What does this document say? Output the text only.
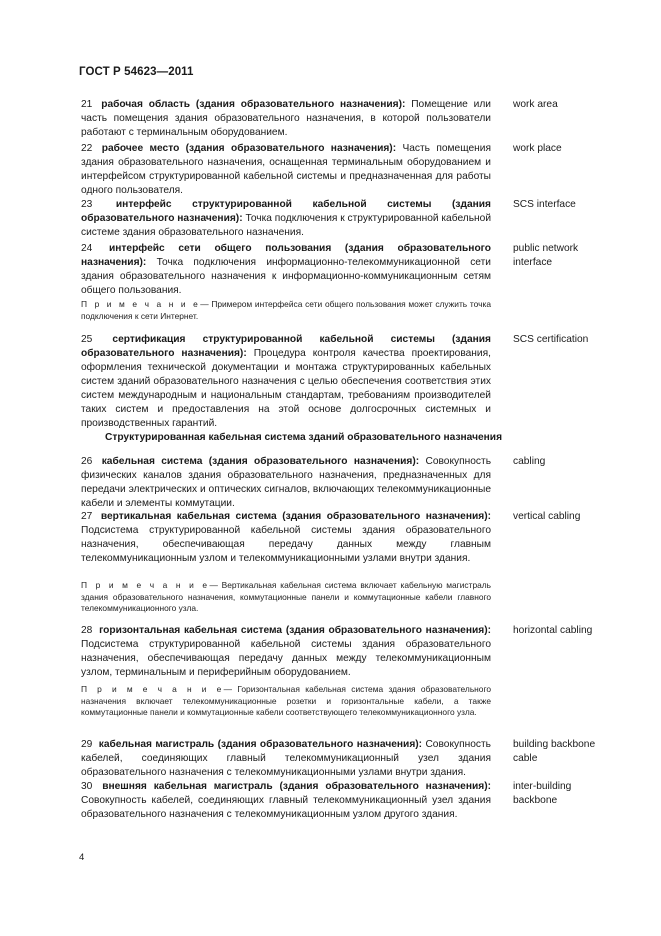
ГОСТ Р 54623—2011
21 рабочая область (здания образовательного назначения): Помещение или часть помещения здания образовательного назначения, в которой пользователи работают с терминальным оборудованием.
work area
22 рабочее место (здания образовательного назначения): Часть помещения здания образовательного назначения, оснащенная терминальным оборудованием и интерфейсом структурированной кабельной системы и предназначенная для работы одного пользователя.
work place
23 интерфейс структурированной кабельной системы (здания образовательного назначения): Точка подключения к структурированной кабельной системе здания образовательного назначения.
SCS interface
24 интерфейс сети общего пользования (здания образовательного назначения): Точка подключения информационно-телекоммуникационной сети здания образовательного назначения к информационно-коммуникационным сетям общего пользования.
public network interface
П р и м е ч а н и е— Примером интерфейса сети общего пользования может служить точка подключения к сети Интернет.
25 сертификация структурированной кабельной системы (здания образовательного назначения): Процедура контроля качества проектирования, оформления технической документации и монтажа структурированных кабельных систем зданий образовательного назначения с целью обеспечения соответствия этих систем международным и национальным стандартам, требованиям производителей таких систем и предоставления на этой основе долгосрочных системных и производственных гарантий.
SCS certification
Структурированная кабельная система зданий образовательного назначения
26 кабельная система (здания образовательного назначения): Совокупность физических каналов здания образовательного назначения, предназначенных для передачи электрических и оптических сигналов, включающих телекоммуникационные кабели и элементы коммутации.
cabling
27 вертикальная кабельная система (здания образовательного назначения): Подсистема структурированной кабельной системы здания образовательного назначения, обеспечивающая передачу данных между главным телекоммуникационным узлом и телекоммуникационными узлами внутри здания.
vertical cabling
П р и м е ч а н и е— Вертикальная кабельная система включает кабельную магистраль здания образовательного назначения, коммутационные панели и коммутационные кабели главного телекоммуникационного узла.
28 горизонтальная кабельная система (здания образовательного назначения): Подсистема структурированной кабельной системы здания образовательного назначения, обеспечивающая передачу данных между телекоммуникационным узлом, терминальным и периферийным оборудованием.
horizontal cabling
П р и м е ч а н и е— Горизонтальная кабельная система здания образовательного назначения включает телекоммуникационные розетки и горизонтальные кабели, а также коммутационные панели и коммутационные кабели соответствующего телекоммуникационного узла.
29 кабельная магистраль (здания образовательного назначения): Совокупность кабелей, соединяющих главный телекоммуникационный узел здания образовательного назначения с телекоммуникационными узлами внутри здания.
building backbone cable
30 внешняя кабельная магистраль (здания образовательного назначения): Совокупность кабелей, соединяющих главный телекоммуникационный узел здания образовательного назначения с телекоммуникационным узлом другого здания.
inter-building backbone
4
